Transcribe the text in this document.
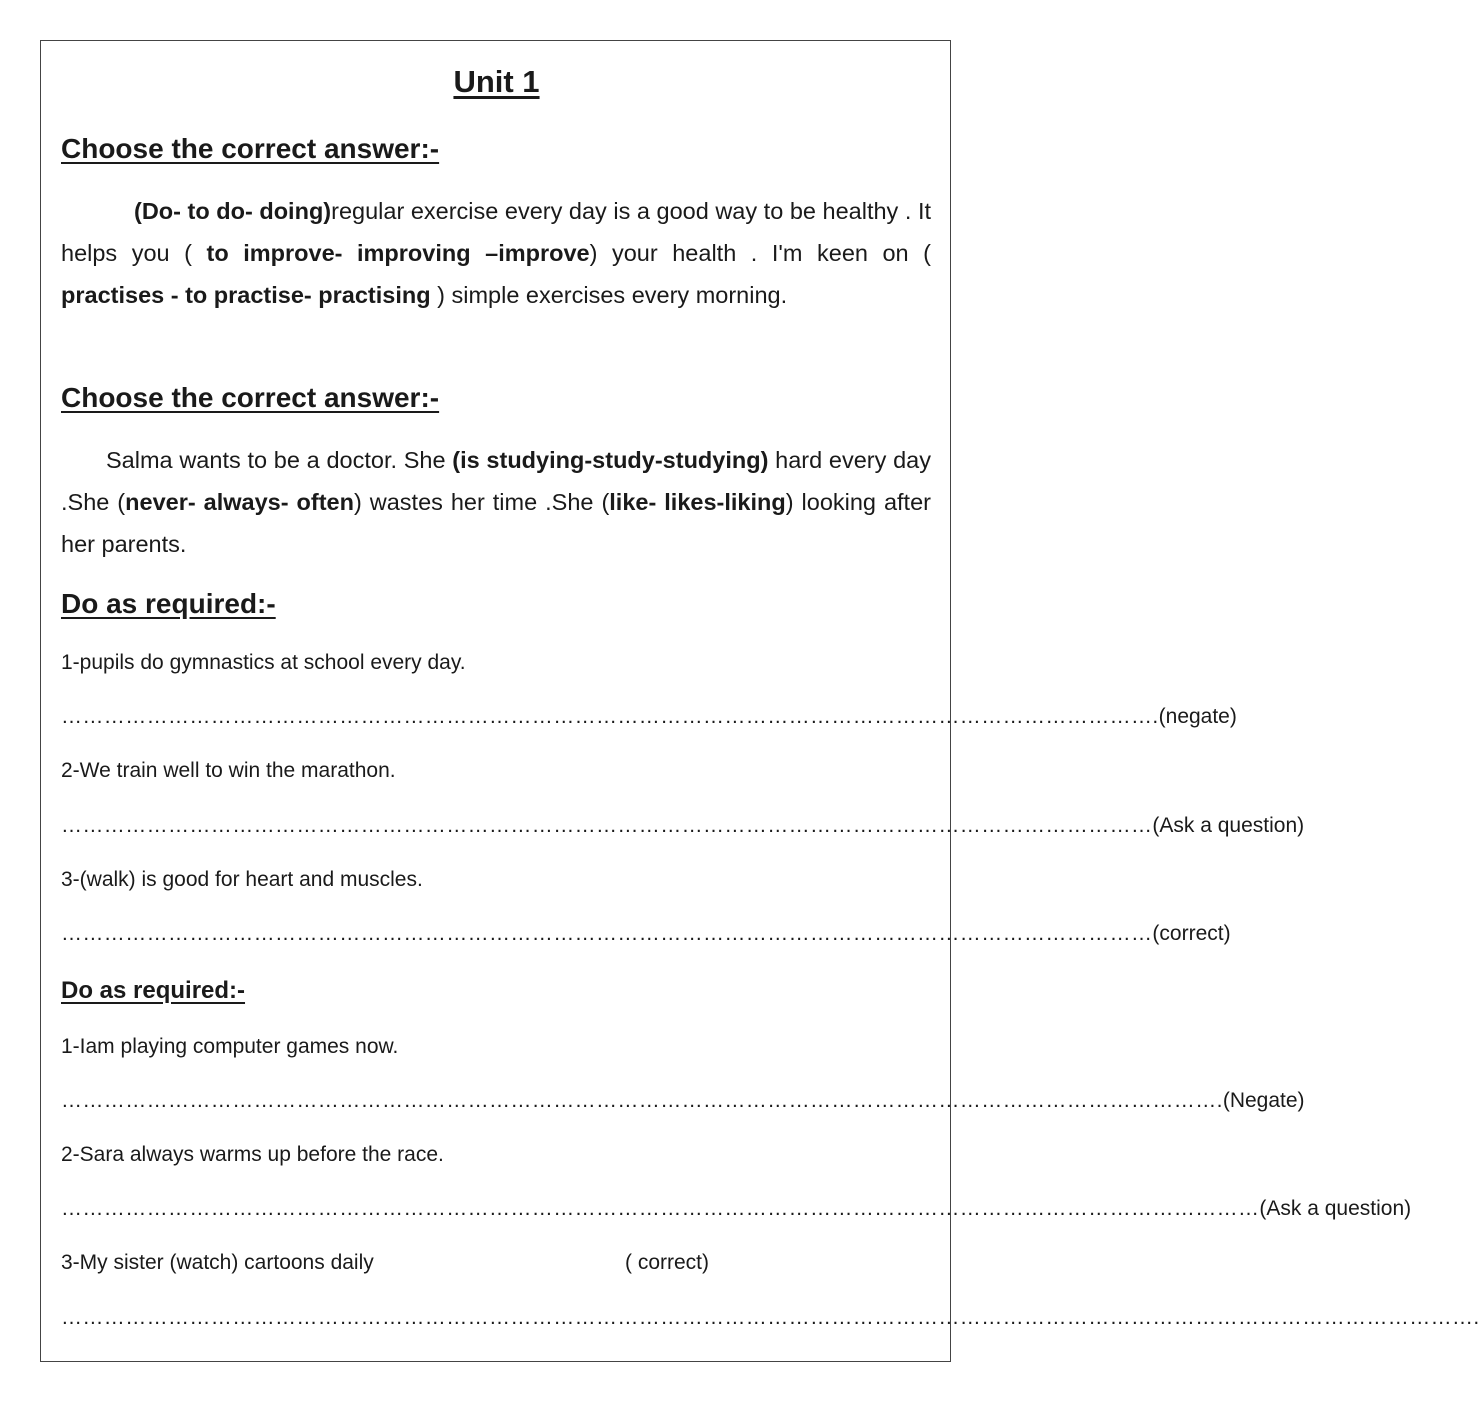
Unit 1
Choose the correct answer:-

(Do- to do- doing)regular exercise every day is a good way to be healthy . It helps you ( to improve- improving –improve) your health . I'm keen on ( practises - to practise- practising ) simple exercises every morning.

Choose the correct answer:-

Salma wants to be a doctor. She (is studying-study-studying) hard every day .She (never- always- often) wastes her time .She (like- likes-liking) looking after her parents.

Do as required:-
1-pupils do gymnastics at school every day.
……………………………………………………………………………………………………………………………………….(negate)
2-We train well to win the marathon.
………………………………………………………………………………………………………………………………………(Ask a question)
3-(walk) is good for heart and muscles.
………………………………………………………………………………………………………………………………………(correct)
Do as required:-
1-Iam playing computer games now.
……………………………………………………………………………………………………………………………………………….(Negate)
2-Sara always warms up before the race.
……………………………………………………………………………………………………………………………………………………(Ask a question)
3-My sister (watch) cartoons daily	( correct)
……………………………………………………………………………………………………………………………………………………………………………….
